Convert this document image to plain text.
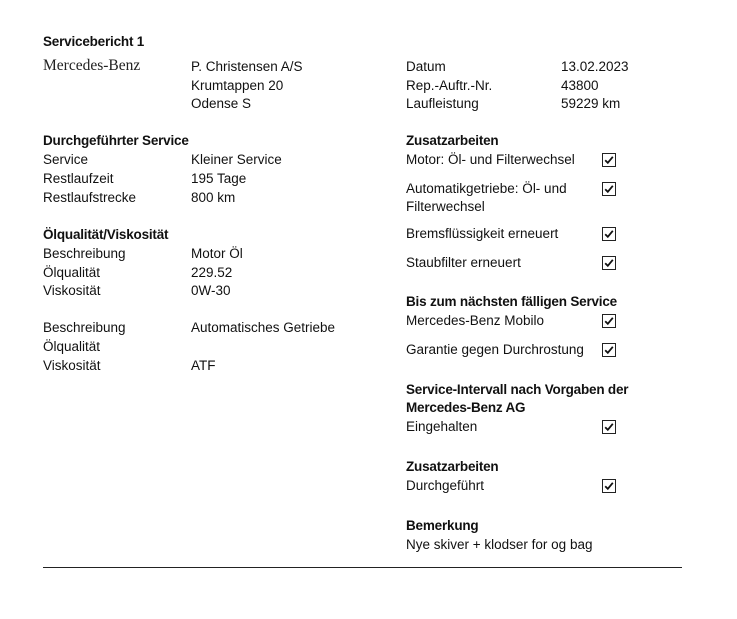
Servicebericht 1
Mercedes-Benz	P. Christensen A/S
Krumtappen 20
Odense S
Datum	13.02.2023
Rep.-Auftr.-Nr.	43800
Laufleistung	59229 km
Durchgeführter Service
Service	Kleiner Service
Restlaufzeit	195 Tage
Restlaufstrecke	800 km
Ölqualität/Viskosität
Beschreibung	Motor Öl
Ölqualität	229.52
Viskosität	0W-30
Beschreibung	Automatisches Getriebe
Ölqualität
Viskosität	ATF
Zusatzarbeiten
Motor: Öl- und Filterwechsel
Automatikgetriebe: Öl- und Filterwechsel
Bremsflüssigkeit erneuert
Staubfilter erneuert
Bis zum nächsten fälligen Service
Mercedes-Benz Mobilo
Garantie gegen Durchrostung
Service-Intervall nach Vorgaben der Mercedes-Benz AG
Eingehalten
Zusatzarbeiten
Durchgeführt
Bemerkung
Nye skiver + klodser for og bag
